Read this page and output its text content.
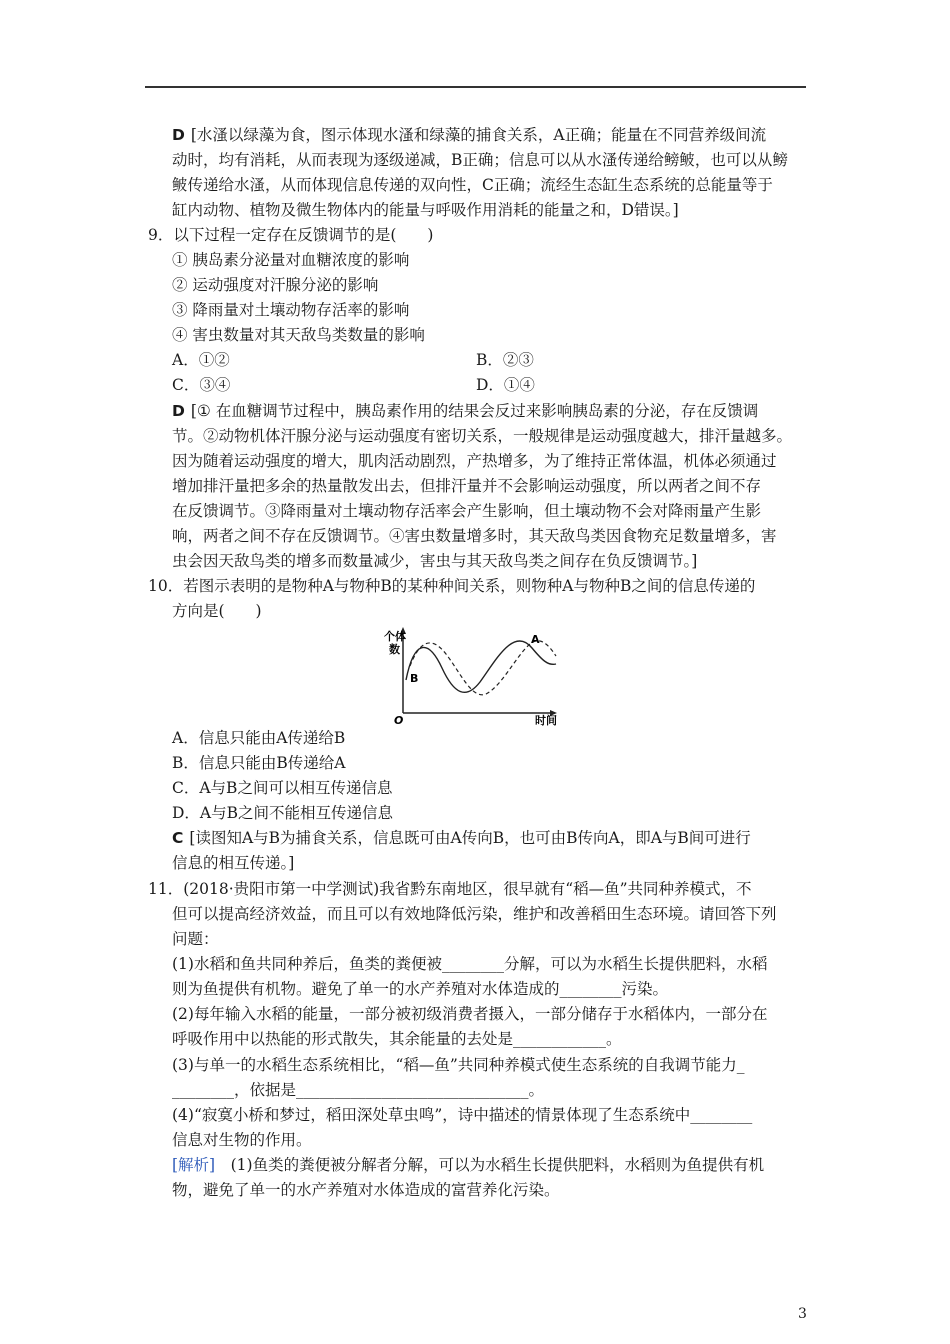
D [水溞以绿藻为食，图示体现水溞和绿藻的捕食关系，A正确；能量在不同营养级间流
动时，均有消耗，从而表现为逐级递减，B正确；信息可以从水溞传递给鳑鲏，也可以从鳑
鲏传递给水溞，从而体现信息传递的双向性，C正确；流经生态缸生态系统的总能量等于
缸内动物、植物及微生物体内的能量与呼吸作用消耗的能量之和，D错误。]
9．以下过程一定存在反馈调节的是(　　)
① 胰岛素分泌量对血糖浓度的影响
② 运动强度对汗腺分泌的影响
③ 降雨量对土壤动物存活率的影响
④ 害虫数量对其天敌鸟类数量的影响
A．①②	B．②③
C．③④	D．①④
D [① 在血糖调节过程中，胰岛素作用的结果会反过来影响胰岛素的分泌，存在反馈调
节。②动物机体汗腺分泌与运动强度有密切关系，一般规律是运动强度越大，排汗量越多。
因为随着运动强度的增大，肌肉活动剧烈，产热增多，为了维持正常体温，机体必须通过
增加排汗量把多余的热量散发出去，但排汗量并不会影响运动强度，所以两者之间不存
在反馈调节。③降雨量对土壤动物存活率会产生影响，但土壤动物不会对降雨量产生影
响，两者之间不存在反馈调节。④害虫数量增多时，其天敌鸟类因食物充足数量增多，害
虫会因天敌鸟类的增多而数量减少，害虫与其天敌鸟类之间存在负反馈调节。]
10．若图示表明的是物种A与物种B的某种种间关系，则物种A与物种B之间的信息传递的
方向是(　　)
个体
数
O	时间
A
B
A．信息只能由A传递给B
B．信息只能由B传递给A
C．A与B之间可以相互传递信息
D．A与B之间不能相互传递信息
C [读图知A与B为捕食关系，信息既可由A传向B，也可由B传向A，即A与B间可进行
信息的相互传递。]
11．(2018·贵阳市第一中学测试)我省黔东南地区，很早就有“稻—鱼”共同种养模式，不
但可以提高经济效益，而且可以有效地降低污染，维护和改善稻田生态环境。请回答下列
问题：
(1)水稻和鱼共同种养后，鱼类的粪便被________分解，可以为水稻生长提供肥料，水稻
则为鱼提供有机物。避免了单一的水产养殖对水体造成的________污染。
(2)每年输入水稻的能量，一部分被初级消费者摄入，一部分储存于水稻体内，一部分在
呼吸作用中以热能的形式散失，其余能量的去处是____________。
(3)与单一的水稻生态系统相比，“稻—鱼”共同种养模式使生态系统的自我调节能力_
________，依据是______________________________。
(4)“寂寞小桥和梦过，稻田深处草虫鸣”，诗中描述的情景体现了生态系统中________
信息对生物的作用。
[解析]　(1)鱼类的粪便被分解者分解，可以为水稻生长提供肥料，水稻则为鱼提供有机
物，避免了单一的水产养殖对水体造成的富营养化污染。
3
